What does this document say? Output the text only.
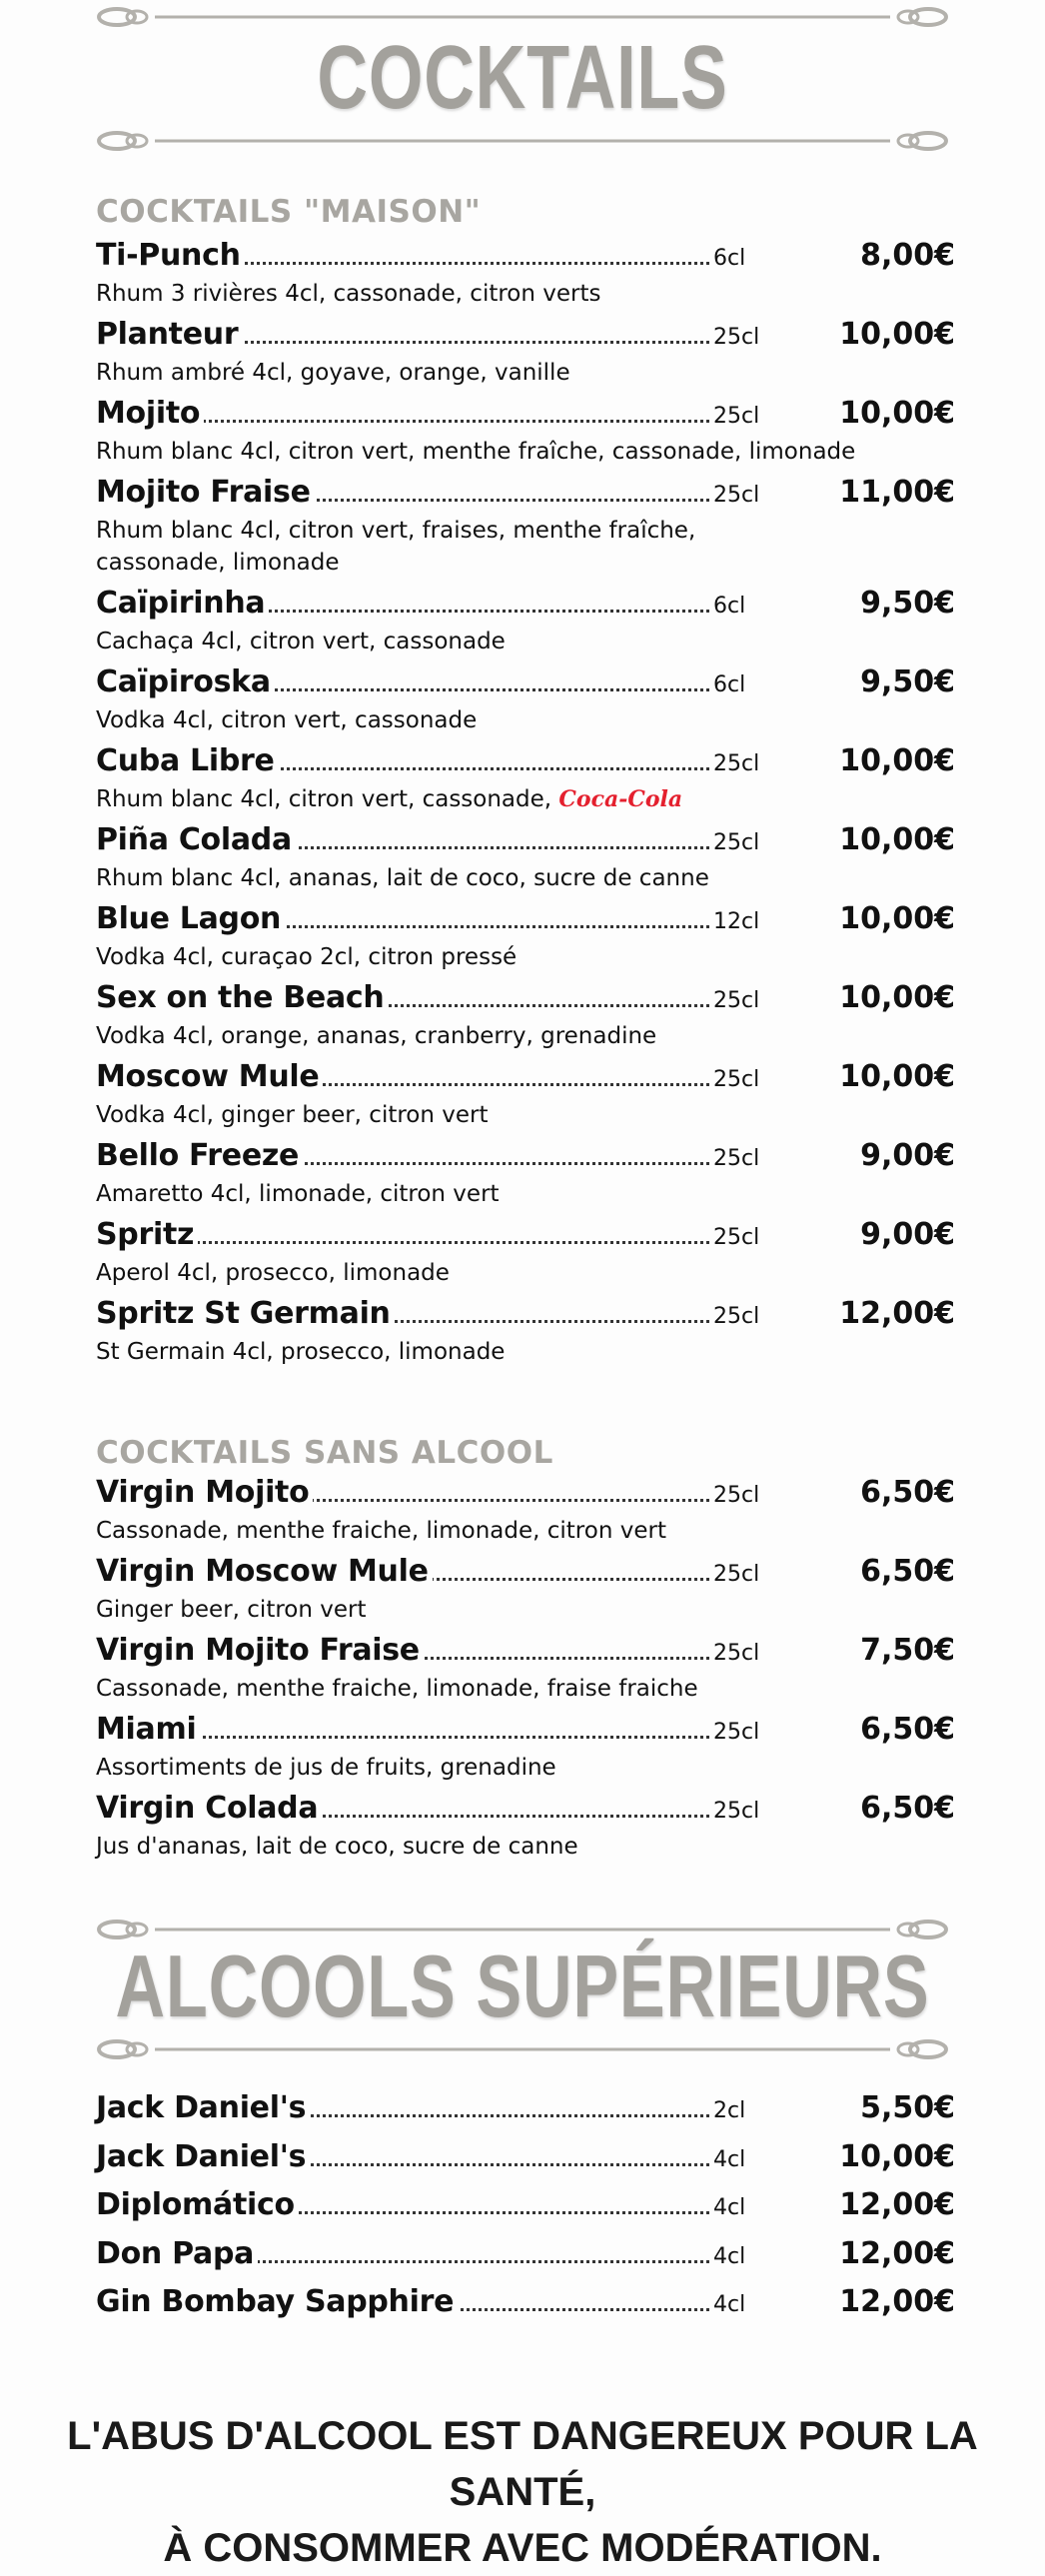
COCKTAILS
COCKTAILS "MAISON"
Ti-Punch	6cl	8,00€
Rhum 3 rivières 4cl, cassonade, citron verts
Planteur	25cl	10,00€
Rhum ambré 4cl, goyave, orange, vanille
Mojito	25cl	10,00€
Rhum blanc 4cl, citron vert, menthe fraîche, cassonade, limonade
Mojito Fraise	25cl	11,00€
Rhum blanc 4cl, citron vert, fraises, menthe fraîche,
cassonade, limonade
Caïpirinha	6cl	9,50€
Cachaça 4cl, citron vert, cassonade
Caïpiroska	6cl	9,50€
Vodka 4cl, citron vert, cassonade
Cuba Libre	25cl	10,00€
Rhum blanc 4cl, citron vert, cassonade, Coca-Cola
Piña Colada	25cl	10,00€
Rhum blanc 4cl, ananas, lait de coco, sucre de canne
Blue Lagon	12cl	10,00€
Vodka 4cl, curaçao 2cl, citron pressé
Sex on the Beach	25cl	10,00€
Vodka 4cl, orange, ananas, cranberry, grenadine
Moscow Mule	25cl	10,00€
Vodka 4cl, ginger beer, citron vert
Bello Freeze	25cl	9,00€
Amaretto 4cl, limonade, citron vert
Spritz	25cl	9,00€
Aperol 4cl, prosecco, limonade
Spritz St Germain	25cl	12,00€
St Germain 4cl, prosecco, limonade
COCKTAILS SANS ALCOOL
Virgin Mojito	25cl	6,50€
Cassonade, menthe fraiche, limonade, citron vert
Virgin Moscow Mule	25cl	6,50€
Ginger beer, citron vert
Virgin Mojito Fraise	25cl	7,50€
Cassonade, menthe fraiche, limonade, fraise fraiche
Miami	25cl	6,50€
Assortiments de jus de fruits, grenadine
Virgin Colada	25cl	6,50€
Jus d'ananas, lait de coco, sucre de canne
ALCOOLS SUPÉRIEURS
Jack Daniel's	2cl	5,50€
Jack Daniel's	4cl	10,00€
Diplomático	4cl	12,00€
Don Papa	4cl	12,00€
Gin Bombay Sapphire	4cl	12,00€
L'ABUS D'ALCOOL EST DANGEREUX POUR LA SANTÉ,
À CONSOMMER AVEC MODÉRATION.
